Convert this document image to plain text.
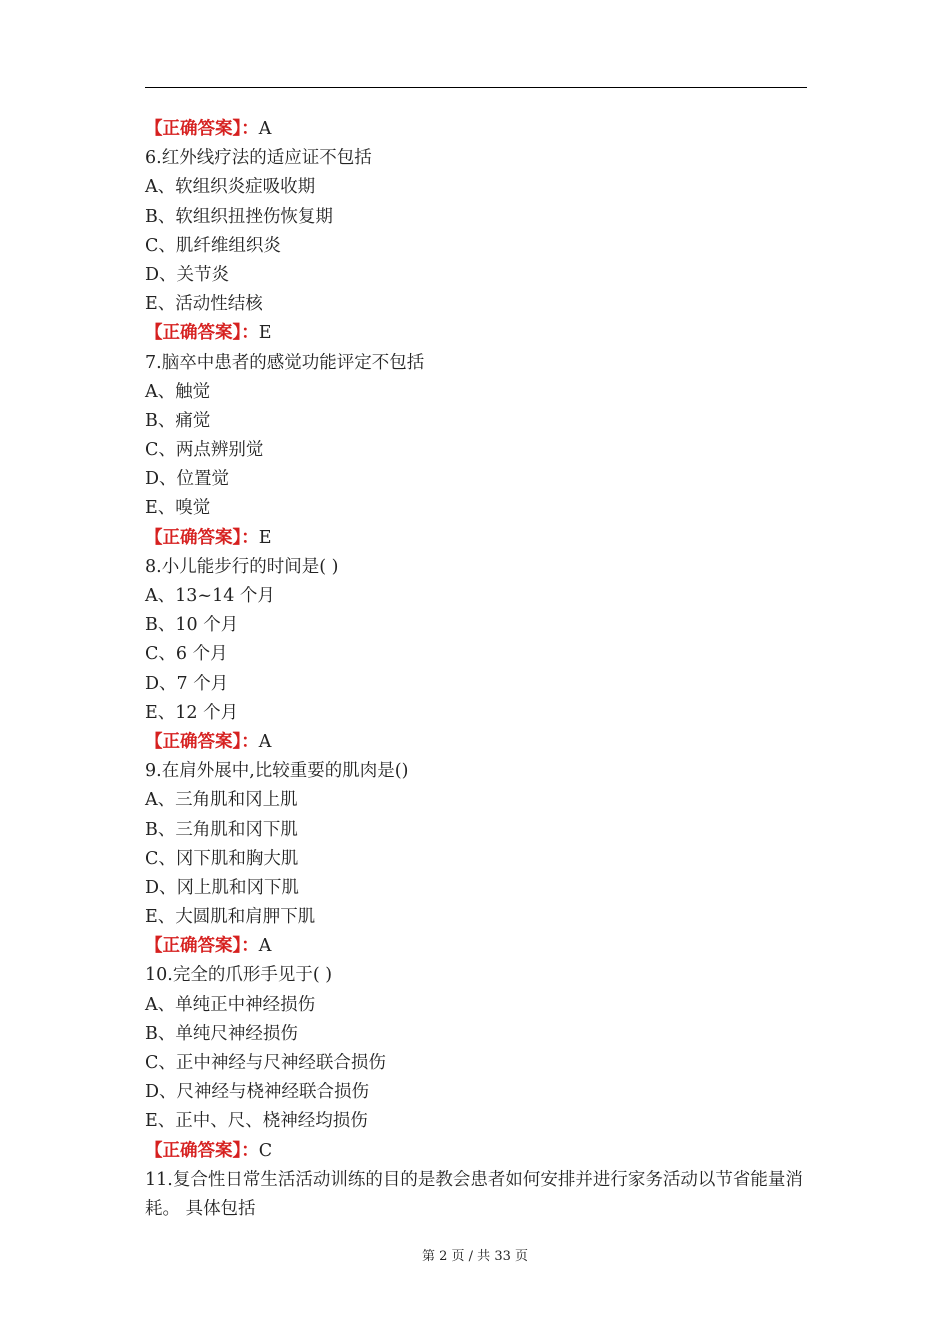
【正确答案】：A
6.红外线疗法的适应证不包括
A、软组织炎症吸收期
B、软组织扭挫伤恢复期
C、肌纤维组织炎
D、关节炎
E、活动性结核
【正确答案】：E
7.脑卒中患者的感觉功能评定不包括
A、触觉
B、痛觉
C、两点辨别觉
D、位置觉
E、嗅觉
【正确答案】：E
8.小儿能步行的时间是( )
A、13~14 个月
B、10 个月
C、6 个月
D、7 个月
E、12 个月
【正确答案】：A
9.在肩外展中,比较重要的肌肉是()
A、三角肌和冈上肌
B、三角肌和冈下肌
C、冈下肌和胸大肌
D、冈上肌和冈下肌
E、大圆肌和肩胛下肌
【正确答案】：A
10.完全的爪形手见于( )
A、单纯正中神经损伤
B、单纯尺神经损伤
C、正中神经与尺神经联合损伤
D、尺神经与桡神经联合损伤
E、正中、尺、桡神经均损伤
【正确答案】：C
11.复合性日常生活活动训练的目的是教会患者如何安排并进行家务活动以节省能量消耗。 具体包括
第 2 页 / 共 33 页
